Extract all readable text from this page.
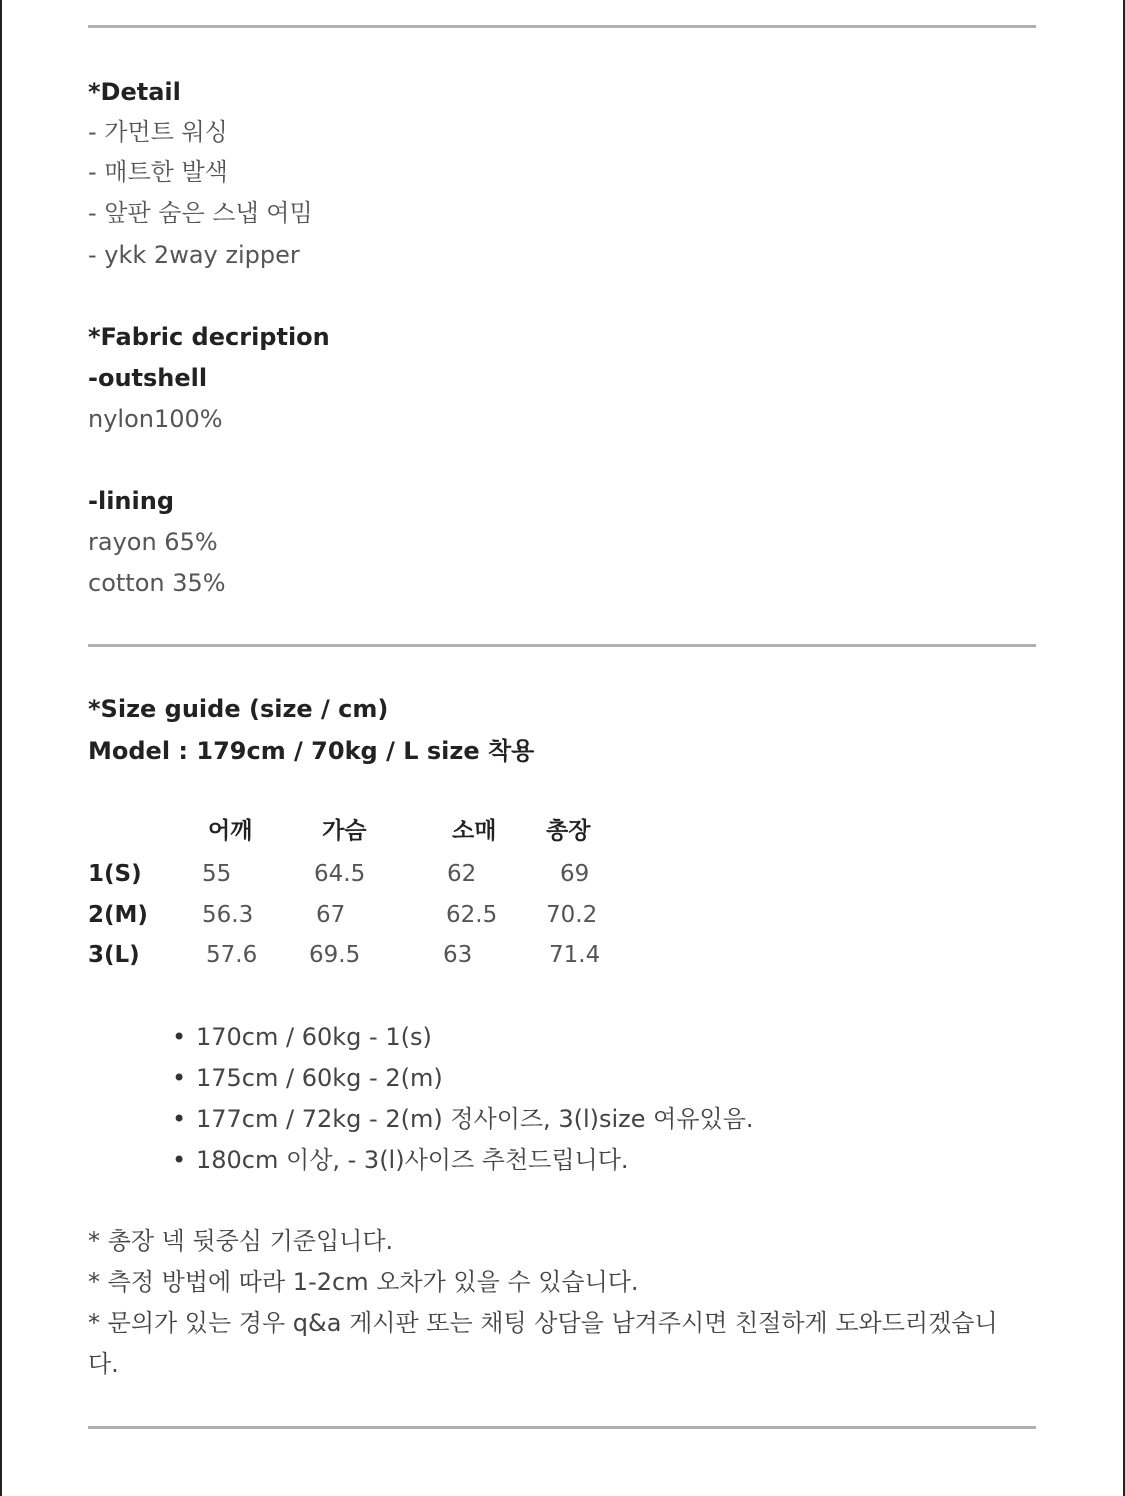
*Detail
- 가먼트 워싱
- 매트한 발색
- 앞판 숨은 스냅 여밈
- ykk 2way zipper
*Fabric decription
-outshell
nylon100%
-lining
rayon 65%
cotton 35%
*Size guide (size / cm)
Model : 179cm / 70kg / L size 착용
어깨	가슴	소매 총장
1(S)	55	64.5	62	69
2(M) 56.3	67	62.5 70.2
3(L)	57.6 69.5	63	71.4
• 170cm / 60kg - 1(s)
• 175cm / 60kg - 2(m)
• 177cm / 72kg - 2(m) 정사이즈, 3(l)size 여유있음.
• 180cm 이상, - 3(l)사이즈 추천드립니다.
* 총장 넥 뒷중심 기준입니다.
* 측정 방법에 따라 1-2cm 오차가 있을 수 있습니다.
* 문의가 있는 경우 q&a 게시판 또는 채팅 상담을 남겨주시면 친절하게 도와드리겠습니
다.
